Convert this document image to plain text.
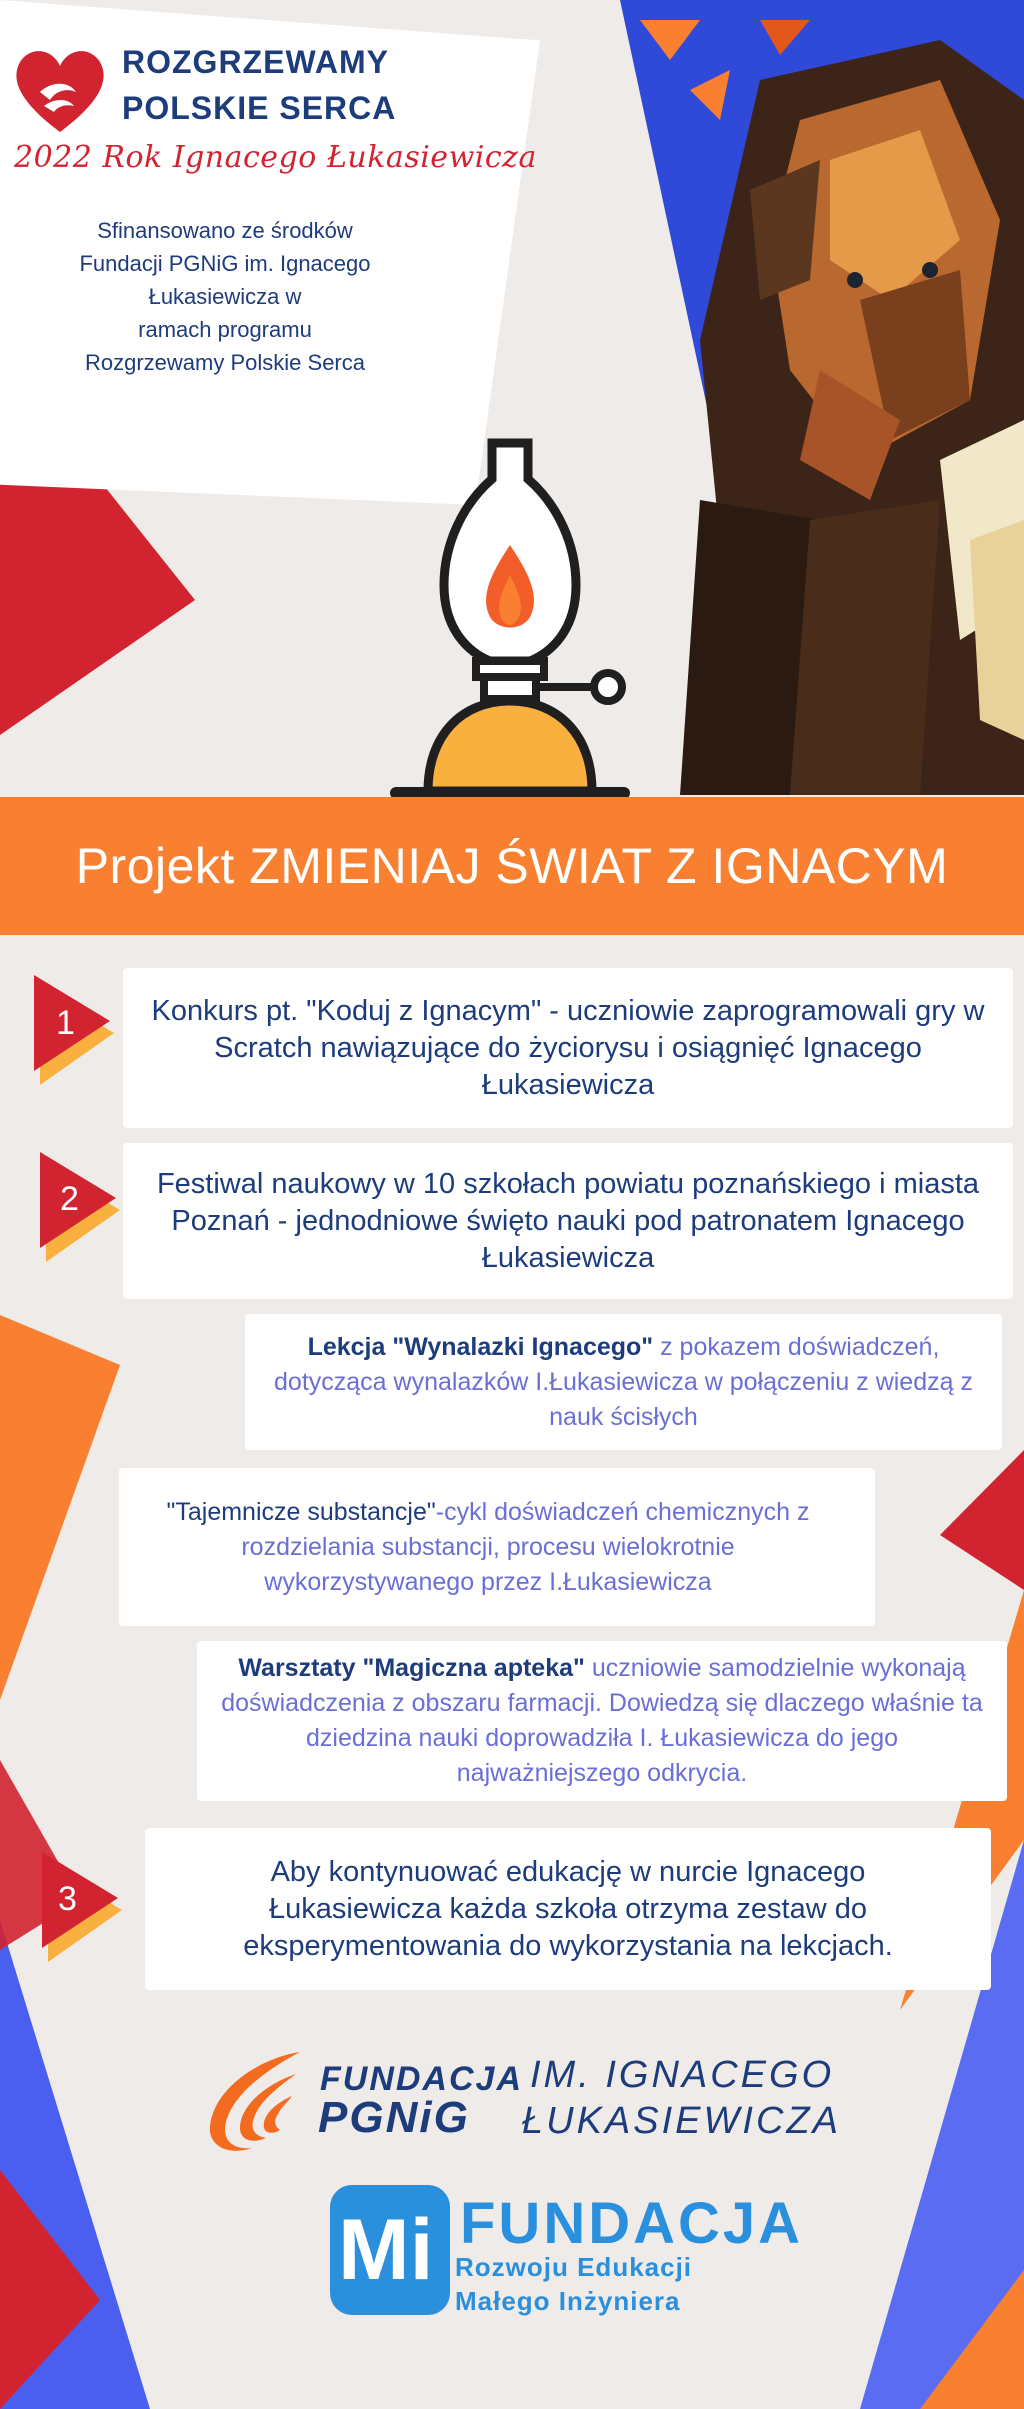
ROZGRZEWAMY
POLSKIE SERCA
2022 Rok Ignacego Łukasiewicza
Sfinansowano ze środków
Fundacji PGNiG im. Ignacego
Łukasiewicza w
ramach programu
Rozgrzewamy Polskie Serca
Projekt ZMIENIAJ ŚWIAT Z IGNACYM
1
2
3
Konkurs pt. "Koduj z Ignacym" - uczniowie zaprogramowali gry w Scratch nawiązujące do życiorysu i osiągnięć Ignacego Łukasiewicza
Festiwal naukowy w 10 szkołach powiatu poznańskiego i miasta Poznań - jednodniowe święto nauki pod patronatem Ignacego Łukasiewicza
Lekcja "Wynalazki Ignacego" z pokazem doświadczeń, dotycząca wynalazków I.Łukasiewicza w połączeniu z wiedzą z nauk ścisłych
"Tajemnicze substancje"-cykl doświadczeń chemicznych z rozdzielania substancji, procesu wielokrotnie wykorzystywanego przez I.Łukasiewicza
Warsztaty "Magiczna apteka" uczniowie samodzielnie wykonają doświadczenia z obszaru farmacji. Dowiedzą się dlaczego właśnie ta dziedzina nauki doprowadziła I. Łukasiewicza do jego najważniejszego odkrycia.
Aby kontynuować edukację w nurcie Ignacego Łukasiewicza każda szkoła otrzyma zestaw do eksperymentowania do wykorzystania na lekcjach.
FUNDACJA
PGNiG
IM. IGNACEGO
ŁUKASIEWICZA
Mi FUNDACJA
Rozwoju Edukacji
Małego Inżyniera
